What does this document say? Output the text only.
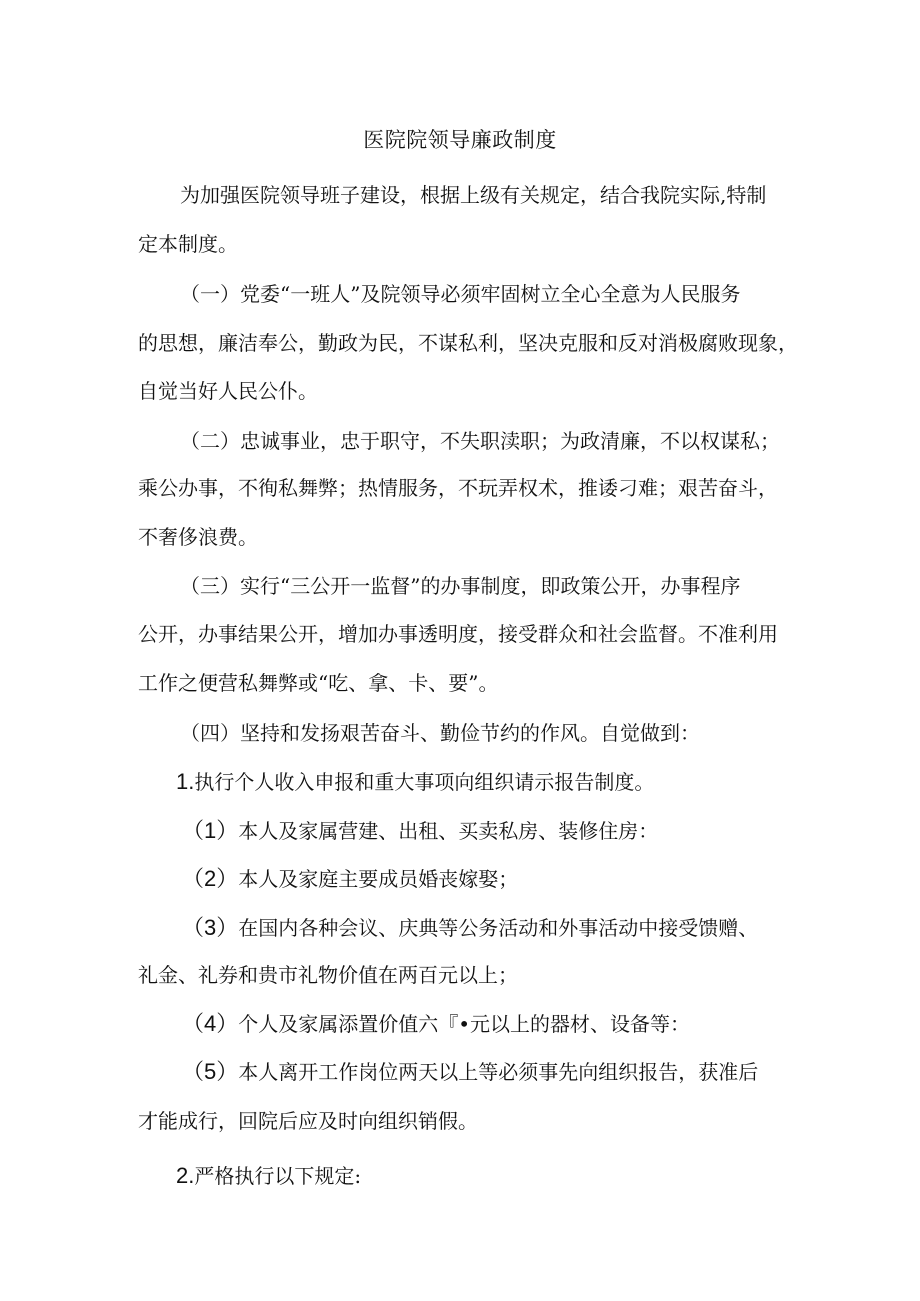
医院院领导廉政制度
为加强医院领导班子建设，根据上级有关规定，结合我院实际,特制
定本制度。
（一）党委“一班人”及院领导必须牢固树立全心全意为人民服务
的思想，廉洁奉公，勤政为民，不谋私利，坚决克服和反对消极腐败现象，
自觉当好人民公仆。
（二）忠诚事业，忠于职守，不失职渎职；为政清廉，不以权谋私；
乘公办事，不徇私舞弊；热情服务，不玩弄权术，推诿刁难；艰苦奋斗，
不奢侈浪费。
（三）实行“三公开一监督”的办事制度，即政策公开，办事程序
公开，办事结果公开，增加办事透明度，接受群众和社会监督。不准利用
工作之便营私舞弊或“吃、拿、卡、要”。
（四）坚持和发扬艰苦奋斗、勤俭节约的作风。自觉做到：
1.执行个人收入申报和重大事项向组织请示报告制度。
（1）本人及家属营建、出租、买卖私房、装修住房：
（2）本人及家庭主要成员婚丧嫁娶；
（3）在国内各种会议、庆典等公务活动和外事活动中接受馈赠、
礼金、礼券和贵市礼物价值在两百元以上；
（4）个人及家属添置价值六『•元以上的器材、设备等：
（5）本人离开工作岗位两天以上等必须事先向组织报告，获准后
才能成行，回院后应及时向组织销假。
2.严格执行以下规定:
